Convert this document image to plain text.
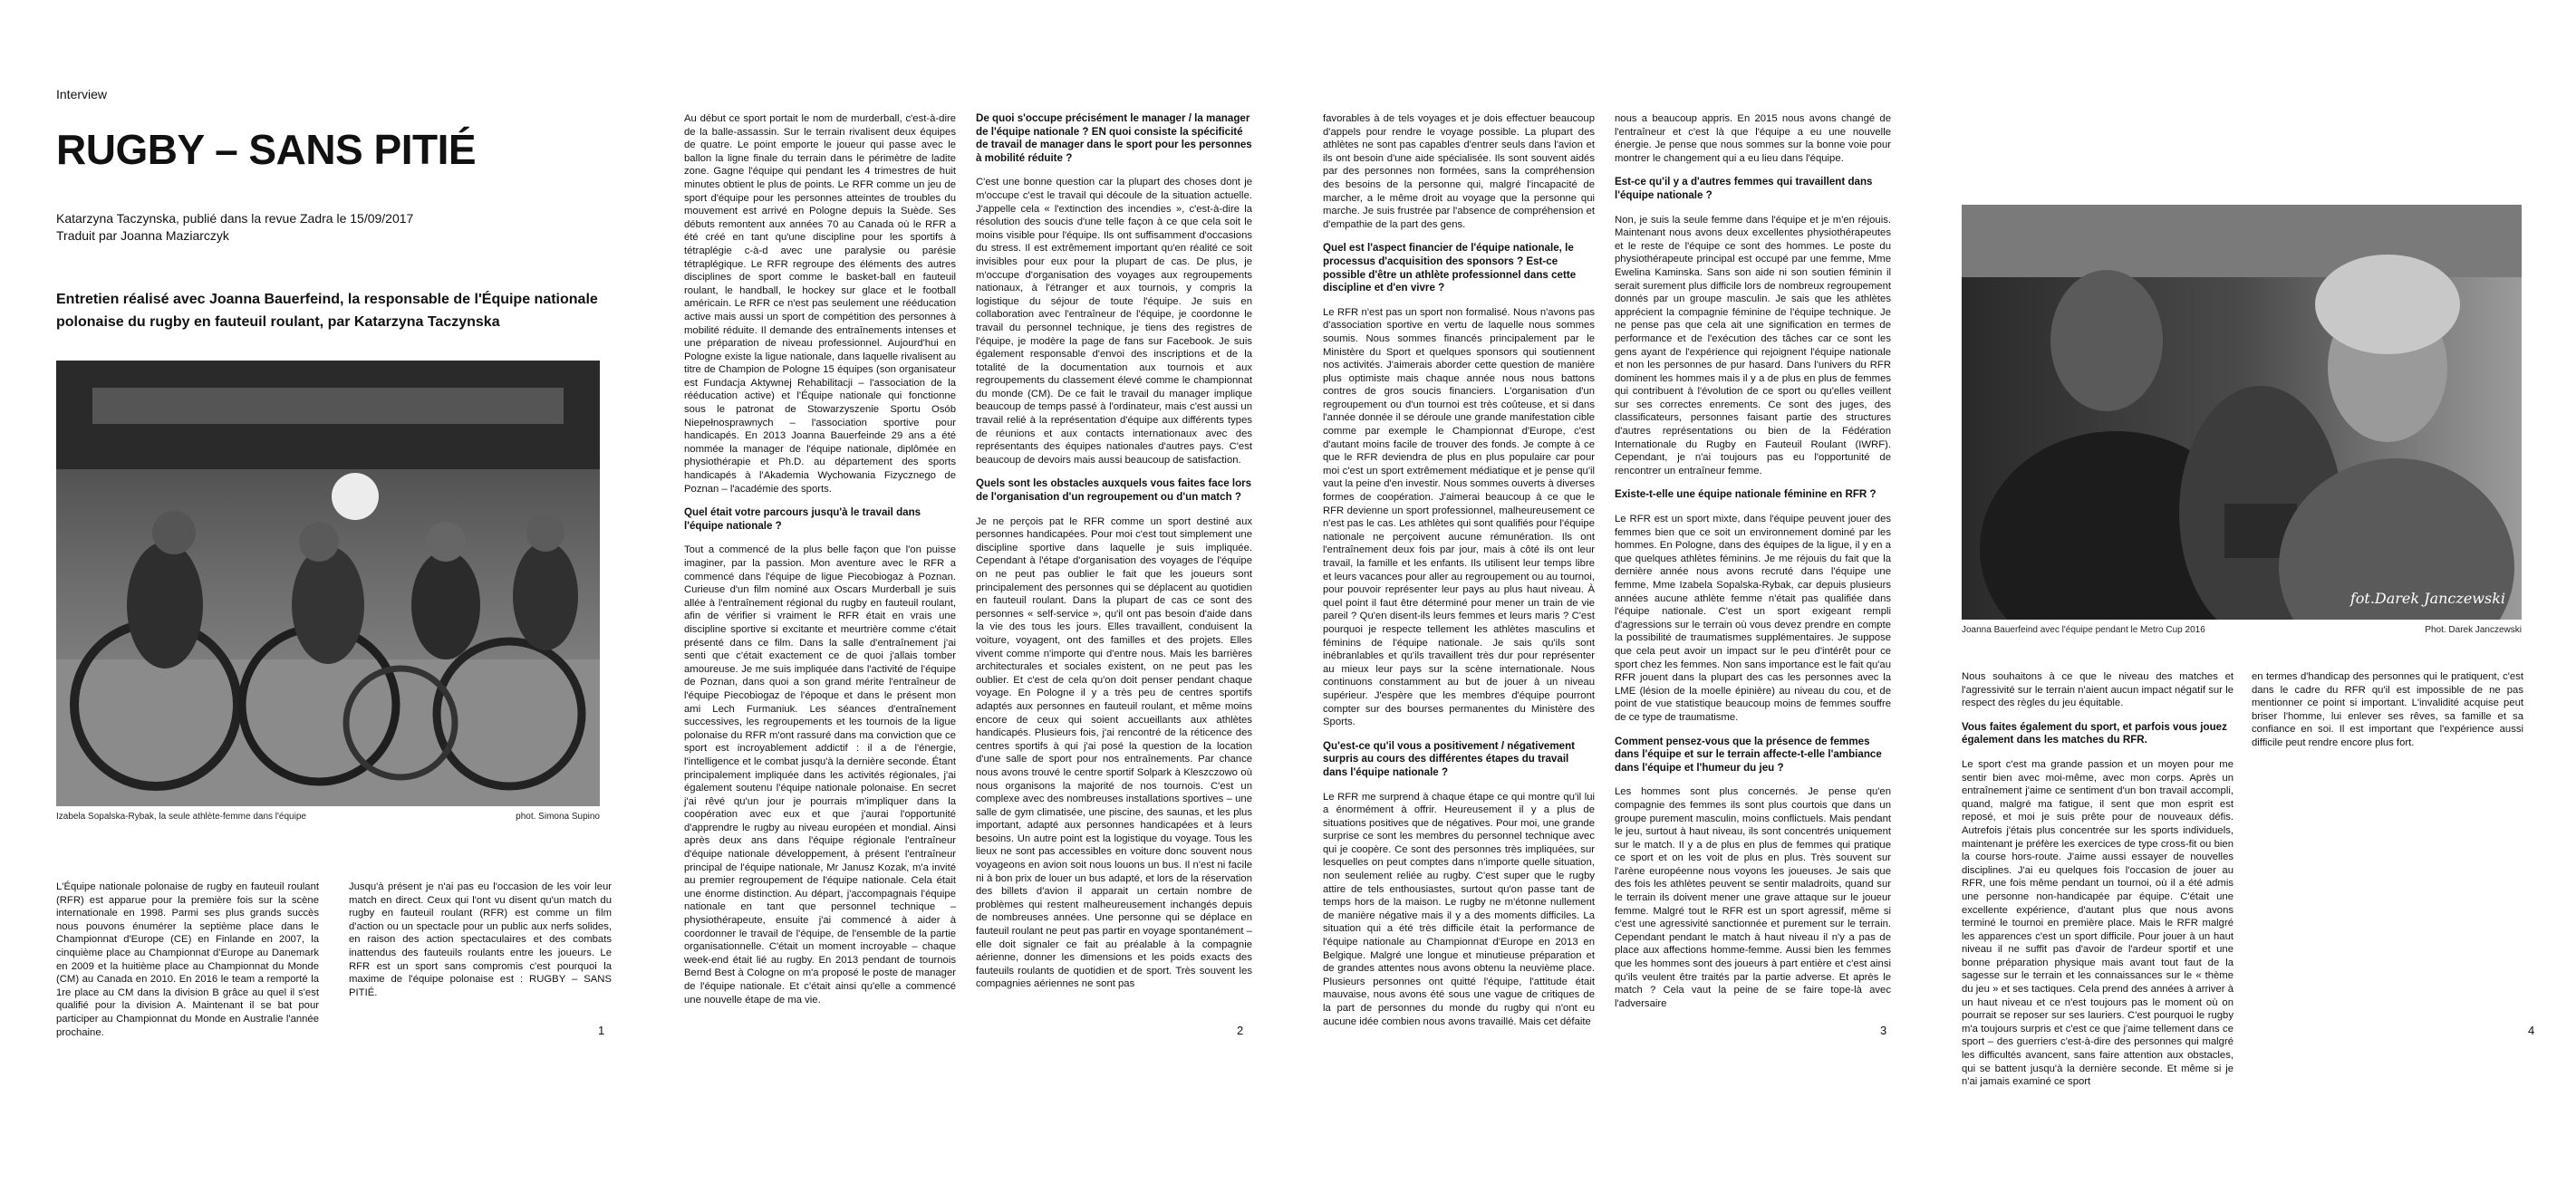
Interview
RUGBY – SANS PITIÉ
Katarzyna Taczynska, publié dans la revue Zadra le 15/09/2017
Traduit par Joanna Maziarczyk

Entretien réalisé avec Joanna Bauerfeind, la responsable de l'Équipe nationale polonaise du rugby en fauteuil roulant, par Katarzyna Taczynska

Izabela Sopalska-Rybak, la seule athlète-femme dans l'équipe	phot. Simona Supino

L'Équipe nationale polonaise de rugby en fauteuil roulant (RFR) est apparue pour la première fois sur la scène internationale en 1998. Parmi ses plus grands succès nous pouvons énumérer la septième place dans le Championnat d'Europe (CE) en Finlande en 2007, la cinquième place au Championnat d'Europe au Danemark en 2009 et la huitième place au Championnat du Monde (CM) au Canada en 2010. En 2016 le team a remporté la 1re place au CM dans la division B grâce au quel il s'est qualifié pour la division A. Maintenant il se bat pour participer au Championnat du Monde en Australie l'année prochaine.

Jusqu'à présent je n'ai pas eu l'occasion de les voir leur match en direct. Ceux qui l'ont vu disent qu'un match du rugby en fauteuil roulant (RFR) est comme un film d'action ou un spectacle pour un public aux nerfs solides, en raison des action spectaculaires et des combats inattendus des fauteuils roulants entre les joueurs. Le RFR est un sport sans compromis c'est pourquoi la maxime de l'équipe polonaise est : RUGBY – SANS PITIÉ.

1

Au début ce sport portait le nom de murderball, c'est-à-dire de la balle-assassin. Sur le terrain rivalisent deux équipes de quatre. Le point emporte le joueur qui passe avec le ballon la ligne finale du terrain dans le périmètre de ladite zone. Gagne l'équipe qui pendant les 4 trimestres de huit minutes obtient le plus de points. Le RFR comme un jeu de sport d'équipe pour les personnes atteintes de troubles du mouvement est arrivé en Pologne depuis la Suède. Ses débuts remontent aux années 70 au Canada où le RFR a été créé en tant qu'une discipline pour les sportifs à tétraplégie c-à-d avec une paralysie ou parésie tétraplégique. Le RFR regroupe des éléments des autres disciplines de sport comme le basket-ball en fauteuil roulant, le handball, le hockey sur glace et le football américain. Le RFR ce n'est pas seulement une rééducation active mais aussi un sport de compétition des personnes à mobilité réduite. Il demande des entraînements intenses et une préparation de niveau professionnel. Aujourd'hui en Pologne existe la ligue nationale, dans laquelle rivalisent au titre de Champion de Pologne 15 équipes (son organisateur est Fundacja Aktywnej Rehabilitacji – l'association de la rééducation active) et l'Équipe nationale qui fonctionne sous le patronat de Stowarzyszenie Sportu Osób Niepełnosprawnych – l'association sportive pour handicapés. En 2013 Joanna Bauerfeinde 29 ans a été nommée la manager de l'équipe nationale, diplômée en physiothérapie et Ph.D. au département des sports handicapés à l'Akademia Wychowania Fizycznego de Poznan – l'académie des sports.

Quel était votre parcours jusqu'à le travail dans l'équipe nationale ?

Tout a commencé de la plus belle façon que l'on puisse imaginer, par la passion. Mon aventure avec le RFR a commencé dans l'équipe de ligue Piecobiogaz à Poznan. Curieuse d'un film nominé aux Oscars Murderball je suis allée à l'entraînement régional du rugby en fauteuil roulant, afin de vérifier si vraiment le RFR était en vrais une discipline sportive si excitante et meurtrière comme c'était présenté dans ce film. Dans la salle d'entraînement j'ai senti que c'était exactement ce de quoi j'allais tomber amoureuse. Je me suis impliquée dans l'activité de l'équipe de Poznan, dans quoi a son grand mérite l'entraîneur de l'équipe Piecobiogaz de l'époque et dans le présent mon ami Lech Furmaniuk. Les séances d'entraînement successives, les regroupements et les tournois de la ligue polonaise du RFR m'ont rassuré dans ma conviction que ce sport est incroyablement addictif : il a de l'énergie, l'intelligence et le combat jusqu'à la dernière seconde. Étant principalement impliquée dans les activités régionales, j'ai également soutenu l'équipe nationale polonaise. En secret j'ai rêvé qu'un jour je pourrais m'impliquer dans la coopération avec eux et que j'aurai l'opportunité d'apprendre le rugby au niveau européen et mondial. Ainsi après deux ans dans l'équipe régionale l'entraîneur d'équipe nationale développement, à présent l'entraîneur principal de l'équipe nationale, Mr Janusz Kozak, m'a invité au premier regroupement de l'équipe nationale. Cela était une énorme distinction. Au départ, j'accompagnais l'équipe nationale en tant que personnel technique – physiothérapeute, ensuite j'ai commencé à aider à coordonner le travail de l'équipe, de l'ensemble de la partie organisationnelle. C'était un moment incroyable – chaque week-end était lié au rugby. En 2013 pendant de tournois Bernd Best à Cologne on m'a proposé le poste de manager de l'équipe nationale. Et c'était ainsi qu'elle a commencé une nouvelle étape de ma vie.

De quoi s'occupe précisément le manager / la manager de l'équipe nationale ? EN quoi consiste la spécificité de travail de manager dans le sport pour les personnes à mobilité réduite ?

C'est une bonne question car la plupart des choses dont je m'occupe c'est le travail qui découle de la situation actuelle. J'appelle cela « l'extinction des incendies », c'est-à-dire la résolution des soucis d'une telle façon à ce que cela soit le moins visible pour l'équipe. Ils ont suffisamment d'occasions du stress. Il est extrêmement important qu'en réalité ce soit invisibles pour eux pour la plupart de cas. De plus, je m'occupe d'organisation des voyages aux regroupements nationaux, à l'étranger et aux tournois, y compris la logistique du séjour de toute l'équipe. Je suis en collaboration avec l'entraîneur de l'équipe, je coordonne le travail du personnel technique, je tiens des registres de l'équipe, je modère la page de fans sur Facebook. Je suis également responsable d'envoi des inscriptions et de la totalité de la documentation aux tournois et aux regroupements du classement élevé comme le championnat du monde (CM). De ce fait le travail du manager implique beaucoup de temps passé à l'ordinateur, mais c'est aussi un travail relié à la représentation d'équipe aux différents types de réunions et aux contacts internationaux avec des représentants des équipes nationales d'autres pays. C'est beaucoup de devoirs mais aussi beaucoup de satisfaction.

Quels sont les obstacles auxquels vous faites face lors de l'organisation d'un regroupement ou d'un match ?

Je ne perçois pat le RFR comme un sport destiné aux personnes handicapées. Pour moi c'est tout simplement une discipline sportive dans laquelle je suis impliquée. Cependant à l'étape d'organisation des voyages de l'équipe on ne peut pas oublier le fait que les joueurs sont principalement des personnes qui se déplacent au quotidien en fauteuil roulant. Dans la plupart de cas ce sont des personnes « self-service », qu'il ont pas besoin d'aide dans la vie des tous les jours. Elles travaillent, conduisent la voiture, voyagent, ont des familles et des projets. Elles vivent comme n'importe qui d'entre nous. Mais les barrières architecturales et sociales existent, on ne peut pas les oublier. Et c'est de cela qu'on doit penser pendant chaque voyage. En Pologne il y a très peu de centres sportifs adaptés aux personnes en fauteuil roulant, et même moins encore de ceux qui soient accueillants aux athlètes handicapés. Plusieurs fois, j'ai rencontré de la réticence des centres sportifs à qui j'ai posé la question de la location d'une salle de sport pour nos entraînements. Par chance nous avons trouvé le centre sportif Solpark à Kleszczowo où nous organisons la majorité de nos tournois. C'est un complexe avec des nombreuses installations sportives – une salle de gym climatisée, une piscine, des saunas, et les plus important, adapté aux personnes handicapées et à leurs besoins. Un autre point est la logistique du voyage. Tous les lieux ne sont pas accessibles en voiture donc souvent nous voyageons en avion soit nous louons un bus. Il n'est ni facile ni à bon prix de louer un bus adapté, et lors de la réservation des billets d'avion il apparait un certain nombre de problèmes qui restent malheureusement inchangés depuis de nombreuses années. Une personne qui se déplace en fauteuil roulant ne peut pas partir en voyage spontanément – elle doit signaler ce fait au préalable à la compagnie aérienne, donner les dimensions et les poids exacts des fauteuils roulants de quotidien et de sport. Très souvent les compagnies aériennes ne sont pas

2

favorables à de tels voyages et je dois effectuer beaucoup d'appels pour rendre le voyage possible. La plupart des athlètes ne sont pas capables d'entrer seuls dans l'avion et ils ont besoin d'une aide spécialisée. Ils sont souvent aidés par des personnes non formées, sans la compréhension des besoins de la personne qui, malgré l'incapacité de marcher, a le même droit au voyage que la personne qui marche. Je suis frustrée par l'absence de compréhension et d'empathie de la part des gens.

Quel est l'aspect financier de l'équipe nationale, le processus d'acquisition des sponsors ? Est-ce possible d'être un athlète professionnel dans cette discipline et d'en vivre ?

Le RFR n'est pas un sport non formalisé. Nous n'avons pas d'association sportive en vertu de laquelle nous sommes soumis. Nous sommes financés principalement par le Ministère du Sport et quelques sponsors qui soutiennent nos activités. J'aimerais aborder cette question de manière plus optimiste mais chaque année nous nous battons contres de gros soucis financiers. L'organisation d'un regroupement ou d'un tournoi est très coûteuse, et si dans l'année donnée il se déroule une grande manifestation cible comme par exemple le Championnat d'Europe, c'est d'autant moins facile de trouver des fonds. Je compte à ce que le RFR deviendra de plus en plus populaire car pour moi c'est un sport extrêmement médiatique et je pense qu'il vaut la peine d'en investir. Nous sommes ouverts à diverses formes de coopération. J'aimerai beaucoup à ce que le RFR devienne un sport professionnel, malheureusement ce n'est pas le cas. Les athlètes qui sont qualifiés pour l'équipe nationale ne perçoivent aucune rémunération. Ils ont l'entraînement deux fois par jour, mais à côté ils ont leur travail, la famille et les enfants. Ils utilisent leur temps libre et leurs vacances pour aller au regroupement ou au tournoi, pour pouvoir représenter leur pays au plus haut niveau. À quel point il faut être déterminé pour mener un train de vie pareil ? Qu'en disent-ils leurs femmes et leurs maris ? C'est pourquoi je respecte tellement les athlètes masculins et féminins de l'équipe nationale. Je sais qu'ils sont inébranlables et qu'ils travaillent très dur pour représenter au mieux leur pays sur la scène internationale. Nous continuons constamment au but de jouer à un niveau supérieur. J'espère que les membres d'équipe pourront compter sur des bourses permanentes du Ministère des Sports.

Qu'est-ce qu'il vous a positivement / négativement surpris au cours des différentes étapes du travail dans l'équipe nationale ?

Le RFR me surprend à chaque étape ce qui montre qu'il lui a énormément à offrir. Heureusement il y a plus de situations positives que de négatives. Pour moi, une grande surprise ce sont les membres du personnel technique avec qui je coopère. Ce sont des personnes très impliquées, sur lesquelles on peut comptes dans n'importe quelle situation, non seulement reliée au rugby. C'est super que le rugby attire de tels enthousiastes, surtout qu'on passe tant de temps hors de la maison. Le rugby ne m'étonne nullement de manière négative mais il y a des moments difficiles. La situation qui a été très difficile était la performance de l'équipe nationale au Championnat d'Europe en 2013 en Belgique. Malgré une longue et minutieuse préparation et de grandes attentes nous avons obtenu la neuvième place. Plusieurs personnes ont quitté l'équipe, l'attitude était mauvaise, nous avons été sous une vague de critiques de la part de personnes du monde du rugby qui n'ont eu aucune idée combien nous avons travaillé. Mais cet défaite

nous a beaucoup appris. En 2015 nous avons changé de l'entraîneur et c'est là que l'équipe a eu une nouvelle énergie. Je pense que nous sommes sur la bonne voie pour montrer le changement qui a eu lieu dans l'équipe.

Est-ce qu'il y a d'autres femmes qui travaillent dans l'équipe nationale ?

Non, je suis la seule femme dans l'équipe et je m'en réjouis. Maintenant nous avons deux excellentes physiothérapeutes et le reste de l'équipe ce sont des hommes. Le poste du physiothérapeute principal est occupé par une femme, Mme Ewelina Kaminska. Sans son aide ni son soutien féminin il serait surement plus difficile lors de nombreux regroupement donnés par un groupe masculin. Je sais que les athlètes apprécient la compagnie féminine de l'équipe technique. Je ne pense pas que cela ait une signification en termes de performance et de l'exécution des tâches car ce sont les gens ayant de l'expérience qui rejoignent l'équipe nationale et non les personnes de pur hasard. Dans l'univers du RFR dominent les hommes mais il y a de plus en plus de femmes qui contribuent à l'évolution de ce sport ou qu'elles veillent sur ses correctes enrements. Ce sont des juges, des classificateurs, personnes faisant partie des structures d'autres représentations ou bien de la Fédération Internationale du Rugby en Fauteuil Roulant (IWRF). Cependant, je n'ai toujours pas eu l'opportunité de rencontrer un entraîneur femme.

Existe-t-elle une équipe nationale féminine en RFR ?

Le RFR est un sport mixte, dans l'équipe peuvent jouer des femmes bien que ce soit un environnement dominé par les hommes. En Pologne, dans des équipes de la ligue, il y en a que quelques athlètes féminins. Je me réjouis du fait que la dernière année nous avons recruté dans l'équipe une femme, Mme Izabela Sopalska-Rybak, car depuis plusieurs années aucune athlète femme n'était pas qualifiée dans l'équipe nationale. C'est un sport exigeant rempli d'agressions sur le terrain où vous devez prendre en compte la possibilité de traumatismes supplémentaires. Je suppose que cela peut avoir un impact sur le peu d'intérêt pour ce sport chez les femmes. Non sans importance est le fait qu'au RFR jouent dans la plupart des cas les personnes avec la LME (lésion de la moelle épinière) au niveau du cou, et de point de vue statistique beaucoup moins de femmes souffre de ce type de traumatisme.

Comment pensez-vous que la présence de femmes dans l'équipe et sur le terrain affecte-t-elle l'ambiance dans l'équipe et l'humeur du jeu ?

Les hommes sont plus concernés. Je pense qu'en compagnie des femmes ils sont plus courtois que dans un groupe purement masculin, moins conflictuels. Mais pendant le jeu, surtout à haut niveau, ils sont concentrés uniquement sur le match. Il y a de plus en plus de femmes qui pratique ce sport et on les voit de plus en plus. Très souvent sur l'arène européenne nous voyons les joueuses. Je sais que des fois les athlètes peuvent se sentir maladroits, quand sur le terrain ils doivent mener une grave attaque sur le joueur femme. Malgré tout le RFR est un sport agressif, même si c'est une agressivité sanctionnée et purement sur le terrain. Cependant pendant le match à haut niveau il n'y a pas de place aux affections homme-femme. Aussi bien les femmes que les hommes sont des joueurs à part entière et c'est ainsi qu'ils veulent être traités par la partie adverse. Et après le match ? Cela vaut la peine de se faire tope-là avec l'adversaire

3
fot.Darek Janczewski
Joanna Bauerfeind avec l'équipe pendant le Metro Cup 2016	Phot. Darek Janczewski

Nous souhaitons à ce que le niveau des matches et l'agressivité sur le terrain n'aient aucun impact négatif sur le respect des règles du jeu équitable.

Vous faites également du sport, et parfois vous jouez également dans les matches du RFR.

Le sport c'est ma grande passion et un moyen pour me sentir bien avec moi-même, avec mon corps. Après un entraînement j'aime ce sentiment d'un bon travail accompli, quand, malgré ma fatigue, il sent que mon esprit est reposé, et moi je suis prête pour de nouveaux défis. Autrefois j'étais plus concentrée sur les sports individuels, maintenant je préfère les exercices de type cross-fit ou bien la course hors-route. J'aime aussi essayer de nouvelles disciplines. J'ai eu quelques fois l'occasion de jouer au RFR, une fois même pendant un tournoi, où il a été admis une personne non-handicapée par équipe. C'était une excellente expérience, d'autant plus que nous avons terminé le tournoi en première place. Mais le RFR malgré les apparences c'est un sport difficile. Pour jouer à un haut niveau il ne suffit pas d'avoir de l'ardeur sportif et une bonne préparation physique mais avant tout faut de la sagesse sur le terrain et les connaissances sur le « thème du jeu » et ses tactiques. Cela prend des années à arriver à un haut niveau et ce n'est toujours pas le moment où on pourrait se reposer sur ses lauriers. C'est pourquoi le rugby m'a toujours surpris et c'est ce que j'aime tellement dans ce sport – des guerriers c'est-à-dire des personnes qui malgré les difficultés avancent, sans faire attention aux obstacles, qui se battent jusqu'à la dernière seconde. Et même si je n'ai jamais examiné ce sport

en termes d'handicap des personnes qui le pratiquent, c'est dans le cadre du RFR qu'il est impossible de ne pas mentionner ce point si important. L'invalidité acquise peut briser l'homme, lui enlever ses rêves, sa famille et sa confiance en soi. Il est important que l'expérience aussi difficile peut rendre encore plus fort.

4
